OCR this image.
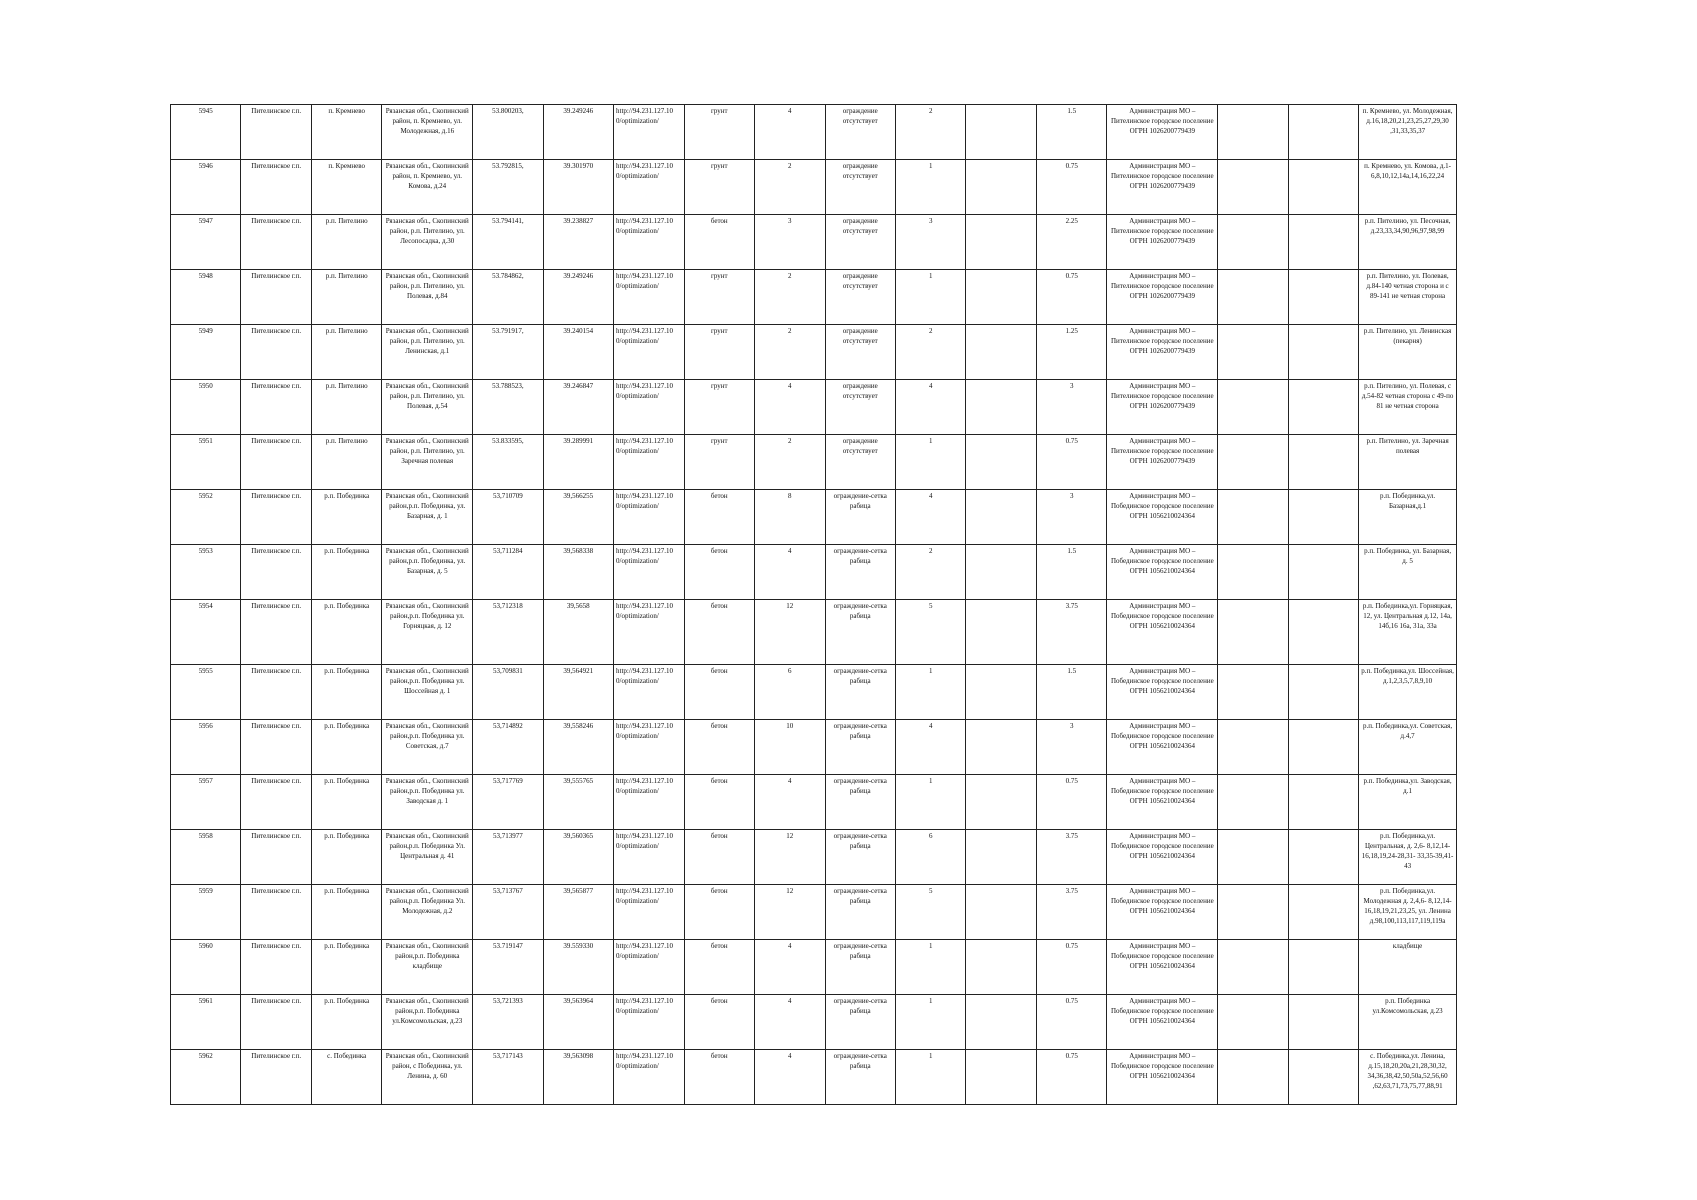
5945	Пителинское г.п.	п. Кремнево	Рязанская обл., Скопинский район, п. Кремнево, ул. Молодежная, д.16	53.800203,	39.249246	http://94.231.127.10 0/optimization/	грунт	4	ограждение отсутствует	2		1.5	Администрация МО – Пителинское городское поселение ОГРН 1026200779439			п. Кремнево, ул. Молодежная, д.16,18,20,21,23,25,27,29,30 ,31,33,35,37
5946	Пителинское г.п.	п. Кремнево	Рязанская обл., Скопинский район, п. Кремнево, ул. Комова, д.24	53.792815,	39.301970	http://94.231.127.10 0/optimization/	грунт	2	ограждение отсутствует	1		0.75	Администрация МО – Пителинское городское поселение ОГРН 1026200779439			п. Кремнево, ул. Комова, д.1- 6,8,10,12,14а,14,16,22,24
5947	Пителинское г.п.	р.п. Пителино	Рязанская обл., Скопинский район, р.п. Пителино, ул. Лесопосадка, д.30	53.794141,	39.238827	http://94.231.127.10 0/optimization/	бетон	3	ограждение отсутствует	3		2.25	Администрация МО – Пителинское городское поселение ОГРН 1026200779439			р.п. Пителино, ул. Песочная, д.23,33,34,90,96,97,98,99
5948	Пителинское г.п.	р.п. Пителино	Рязанская обл., Скопинский район, р.п. Пителино, ул. Полевая, д.84	53.784862,	39.249246	http://94.231.127.10 0/optimization/	грунт	2	ограждение отсутствует	1		0.75	Администрация МО – Пителинское городское поселение ОГРН 1026200779439			р.п. Пителино, ул. Полевая, д.84-140 четная сторона и с 89-141 не четная сторона
5949	Пителинское г.п.	р.п. Пителино	Рязанская обл., Скопинский район, р.п. Пителино, ул. Ленинская, д.1	53.791917,	39.240154	http://94.231.127.10 0/optimization/	грунт	2	ограждение отсутствует	2		1.25	Администрация МО – Пителинское городское поселение ОГРН 1026200779439			р.п. Пителино, ул. Ленинская (пекарня)
5950	Пителинское г.п.	р.п. Пителино	Рязанская обл., Скопинский район, р.п. Пителино, ул. Полевая, д.54	53.788523,	39.246847	http://94.231.127.10 0/optimization/	грунт	4	ограждение отсутствует	4		3	Администрация МО – Пителинское городское поселение ОГРН 1026200779439			р.п. Пителино, ул. Полевая, с д.54-82 четная сторона с 49-по 81 не четная сторона
5951	Пителинское г.п.	р.п. Пителино	Рязанская обл., Скопинский район, р.п. Пителино, ул. Заречная полевая	53.833595,	39.289991	http://94.231.127.10 0/optimization/	грунт	2	ограждение отсутствует	1		0.75	Администрация МО – Пителинское городское поселение ОГРН 1026200779439			р.п. Пителино, ул. Заречная полевая
5952	Пителинское г.п.	р.п. Побединка	Рязанская обл., Скопинский район,р.п. Побединка, ул. Базарная, д. 1	53,710709	39,566255	http://94.231.127.10 0/optimization/	бетон	8	ограждение-сетка рабица	4		3	Администрация МО – Побединское городское поселение ОГРН 1056210024364			р.п. Побединка,ул. Базарная,д.1
5953	Пителинское г.п.	р.п. Побединка	Рязанская обл., Скопинский район,р.п. Побединка, ул. Базарная, д. 5	53,711284	39,568338	http://94.231.127.10 0/optimization/	бетон	4	ограждение-сетка рабица	2		1.5	Администрация МО – Побединское городское поселение ОГРН 1056210024364			р.п. Побединка, ул. Базарная, д. 5
5954	Пителинское г.п.	р.п. Побединка	Рязанская обл., Скопинский район,р.п. Побединка ул. Горняцкая, д. 12	53,712318	39,5658	http://94.231.127.10 0/optimization/	бетон	12	ограждение-сетка рабица	5		3.75	Администрация МО – Побединское городское поселение ОГРН 1056210024364			р.п. Побединка,ул. Горняцкая, 12, ул. Центральная д.12, 14а, 14б,16 16а, 31а, 33а
5955	Пителинское г.п.	р.п. Побединка	Рязанская обл., Скопинский район,р.п. Побединка ул. Шоссейная д. 1	53,709831	39,564921	http://94.231.127.10 0/optimization/	бетон	6	ограждение-сетка рабица	1		1.5	Администрация МО – Побединское городское поселение ОГРН 1056210024364			р.п. Побединка,ул. Шоссейная, д.1,2,3,5,7,8,9,10
5956	Пителинское г.п.	р.п. Побединка	Рязанская обл., Скопинский район,р.п. Побединка ул. Советская, д.7	53,714892	39,558246	http://94.231.127.10 0/optimization/	бетон	10	ограждение-сетка рабица	4		3	Администрация МО – Побединское городское поселение ОГРН 1056210024364			р.п. Побединка,ул. Советская, д.4,7
5957	Пителинское г.п.	р.п. Побединка	Рязанская обл., Скопинский район,р.п. Побединка ул. Заводская д. 1	53,717769	39,555765	http://94.231.127.10 0/optimization/	бетон	4	ограждение-сетка рабица	1		0.75	Администрация МО – Побединское городское поселение ОГРН 1056210024364			р.п. Побединка,ул. Заводская, д.1
5958	Пителинское г.п.	р.п. Побединка	Рязанская обл., Скопинский район,р.п. Побединка Ул. Центральная д. 41	53,713977	39,560365	http://94.231.127.10 0/optimization/	бетон	12	ограждение-сетка рабица	6		3.75	Администрация МО – Побединское городское поселение ОГРН 1056210024364			р.п. Побединка,ул. Центральная, д. 2,6- 8,12,14-16,18,19,24-28,31- 33,35-39,41-43
5959	Пителинское г.п.	р.п. Побединка	Рязанская обл., Скопинский район,р.п. Побединка Ул. Молодежная, д.2	53,713767	39,565877	http://94.231.127.10 0/optimization/	бетон	12	ограждение-сетка рабица	5		3.75	Администрация МО – Побединское городское поселение ОГРН 1056210024364			р.п. Побединка,ул. Молодежная д. 2,4,6- 8,12,14-16,18,19,21,23,25, ул. Ленина д.98,100,113,117,119,119а
5960	Пителинское г.п.	р.п. Побединка	Рязанская обл., Скопинский район,р.п. Побединка кладбище	53.719147	39.559330	http://94.231.127.10 0/optimization/	бетон	4	ограждение-сетка рабица	1		0.75	Администрация МО – Побединское городское поселение ОГРН 1056210024364			кладбище
5961	Пителинское г.п.	р.п. Побединка	Рязанская обл., Скопинский район,р.п. Побединка ул.Комсомольская, д.23	53,721393	39,563964	http://94.231.127.10 0/optimization/	бетон	4	ограждение-сетка рабица	1		0.75	Администрация МО – Побединское городское поселение ОГРН 1056210024364			р.п. Побединка ул.Комсомольская, д.23
5962	Пителинское г.п.	с. Побединка	Рязанская обл., Скопинский район, с Побединка, ул. Ленина, д. 60	53,717143	39,563098	http://94.231.127.10 0/optimization/	бетон	4	ограждение-сетка рабица	1		0.75	Администрация МО – Побединское городское поселение ОГРН 1056210024364			с. Побединка,ул. Ленина, д.15,18,20,20а,21,28,30,32, 34,36,38,42,50,50а,52,56,60 ,62,63,71,73,75,77,88,91
